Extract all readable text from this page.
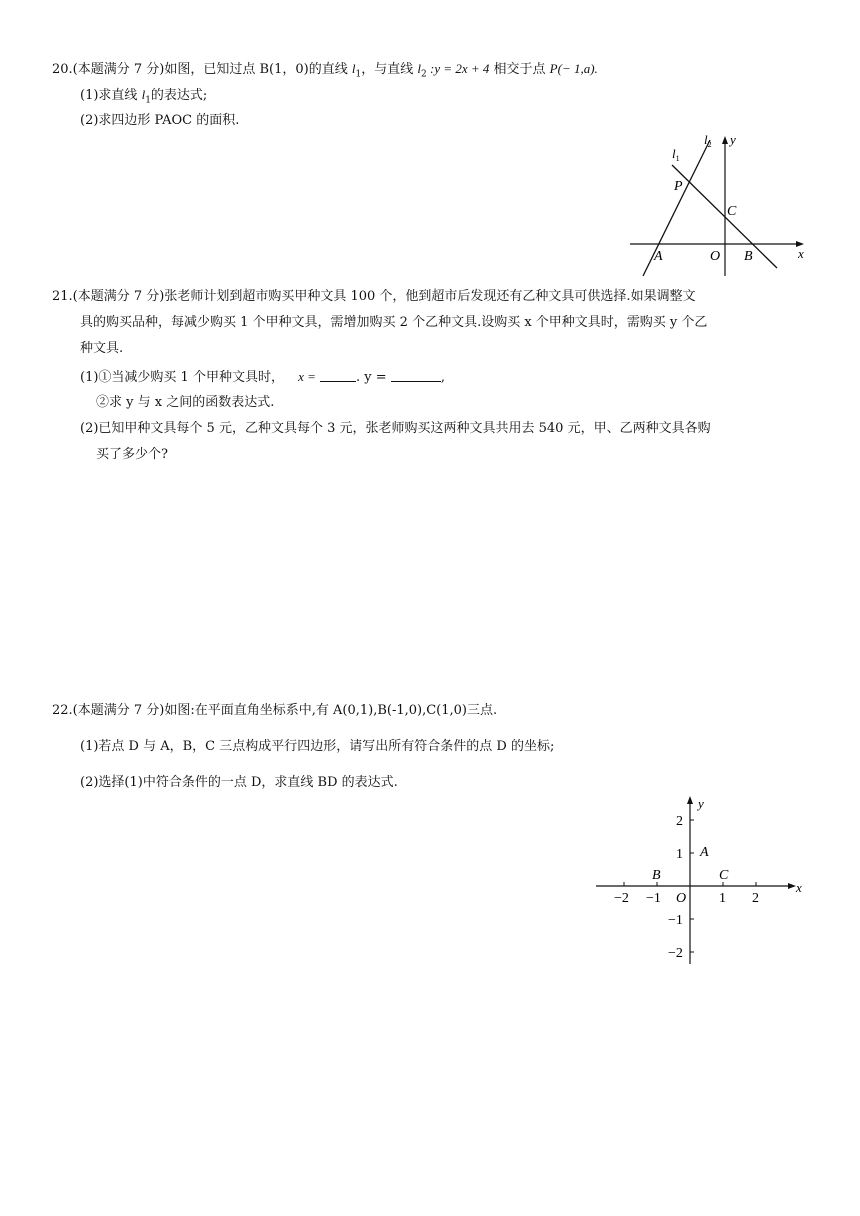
20.(本题满分 7 分)如图，已知过点 B(1，0)的直线 $l_1$，与直线 $l_2$ :y = 2x + 4 相交于点 P(− 1,a).
(1)求直线 $l_1$的表达式;
(2)求四边形 PAOC 的面积.
$l_1$
$l_2$ y
x
P
C
A	O B
21.(本题满分 7 分)张老师计划到超市购买甲种文具 100 个，他到超市后发现还有乙种文具可供选择.如果调整文
具的购买品种，每减少购买 1 个甲种文具，需增加购买 2 个乙种文具.设购买 x 个甲种文具时，需购买 y 个乙
种文具.
(1)①当减少购买 1 个甲种文具时， x =	. y =	,
②求 y 与 x 之间的函数表达式.
(2)已知甲种文具每个 5 元，乙种文具每个 3 元，张老师购买这两种文具共用去 540 元，甲、乙两种文具各购
买了多少个?
22.(本题满分 7 分)如图:在平面直角坐标系中,有 A(0,1),B(-1,0),C(1,0)三点.
(1)若点 D 与 A，B，C 三点构成平行四边形，请写出所有符合条件的点 D 的坐标;
(2)选择(1)中符合条件的一点 D，求直线 BD 的表达式.
y
x
A
B	C
O
−2 −1	1 2
2
1
−1
−2
